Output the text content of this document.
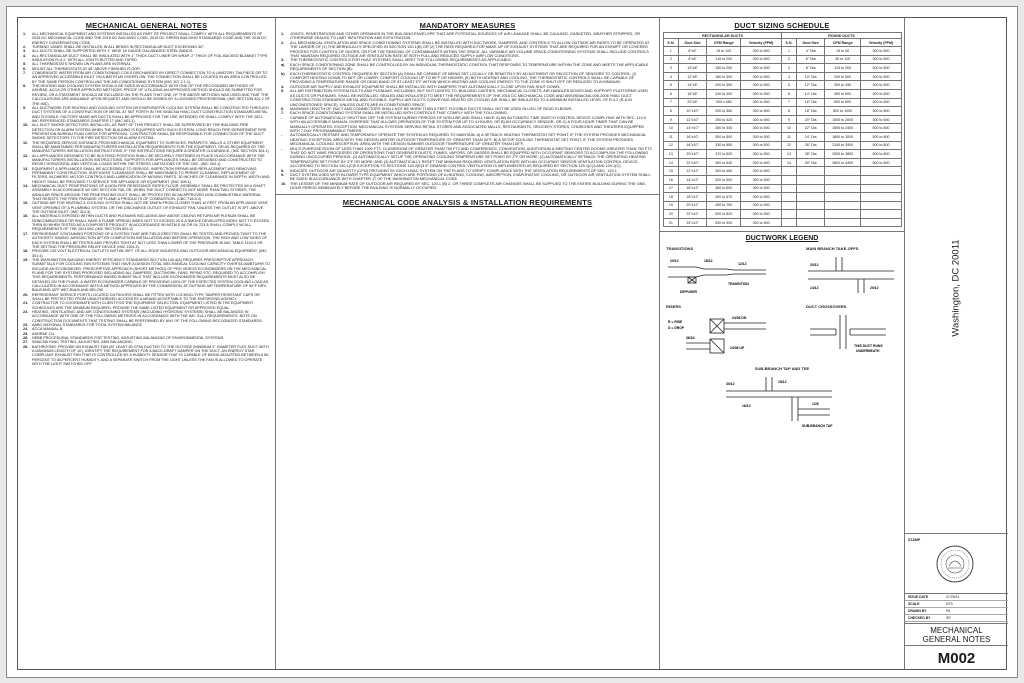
MECHANICAL GENERAL NOTES
1.	ALL MECHANICAL EQUIPMENT AND SYSTEMS INSTALLED AS PART OF PROJECT SHALL COMPLY WITH ALL REQUIREMENTS OF 2015 DC MECHANICAL CODE AND THE 2015 DC BUILDING CODE, 2015 DC GREEN BUILDING STANDARDS CODE AND THE 2015 DC ENERGY CONSERVATION CODE.
2.	TURNING VANES SHALL BE INSTALLED IN ALL BENDS IN RECTANGULAR DUCT EXCEEDING 30°.
3.	ALL DUCTS SHALL BE SUPPORTED WITH 1" WIDE 16 GAUGE GALVANIZED STEEL BANDS.
4.	ALL RECTANGULAR DUCT SHALL BE INSULATED WITH 1" THICK DUCT LINER OR WRAP, 2" THICK OF FOIL BACKED BLANKET TYPE INSULATION R=4.2. WITH ALL JOINTS BUTTED AND TAPED.
5.	ALL THERMOSTATS SHOWN ON PLANS ARE INTERNAL.
6.	MOUNT ALL THERMOSTATS AT 48" ABOVE FINISHED FLOOR.
7.	CONDENSATE WATER FROM AIR CONDITIONING COILS DISCHARGED BY DIRECT CONNECTION TO A LAVATORY TAILPIECE OR TO AN APPROVED ACCESSIBLE INLET ON A BATHTUB OVERFLOW. THE CONNECTION SHALL BE LOCATED IN AN AREA CONTROLLED BY THE SAME PERSON CONTROLLING THE AIR-CONDITIONING SYSTEM (IMC 307.2.1.1).
8.	THE HEATING AND COOLING SYSTEM SHOULD BE SIZED IN ACCORDANCE WITH ONE OF THE RECOGNIZED METHODS OF ASHRAE, ACCA OR OTHER APPROVED METHODS. PROOF OF UTILIZING AN APPROVED METHOD SHOULD BE SUBMITTED FOR REVIEW, OR A STATEMENT SHOULD BE INCLUDED ON THE PLANS THAT ONE OF THE ABOVE METHODS WAS USED AND THAT THE CALCULATIONS ARE AVAILABLE UPON REQUEST AND SHOULD BE SIGNED BY A LICENSED PROFESSIONAL (IMC SECTION 401.2 OF THE IMC).
9.	ALL DUCTWORK FOR HEATING AND COOLING SYSTEM OR EVAPORATIVE COOLING SYSTEM SHALL BE CONSTRUCTED THROUGH DUCT SYSTEMS OF A CONSTRUCTION OF METAL AT SET FORTH IN THE SMACNA HVAC DUCT CONSTRUCTION STANDARD-METAL AND FLEXIBLE. FACTORY MADE AIR DUCTS SHALL BE APPROVED FOR THE USE INTENDED OR SHALL COMPLY WITH THE 2021 IMC REFERENCED STANDARDS CHAPTER 17 (IMC 603.1).
10.	ALL DUCT SMOKE DETECTORS INSTALLED, AS PART OF THIS PROJECT SHALL BE SUPERVISED BY THE BUILDING FIRE DETECTION OR ALARM SYSTEM WHEN THE BUILDING IS EQUIPPED WITH SUCH SYSTEM. LONG REACH FIRE DEPARTMENT FIRE PREVENTION BUREAU PLAN CHECK FOR APPROVAL. CONTRACTOR SHALL BE RESPONSIBLE FOR CONNECTION OF THE DUCT SMOKE DETECTORS TO THE FIRE DETECTION OR ALARM SYSTEM.
11.	THE REQUIRED SERVICE DISTANCE FROM MECHANICAL EQUIPMENT TO SURFACES, PARAPETS, WALLS & OTHER EQUIPMENT SHALL BE MAINTAINED PER MANUFACTURERS INSTALLATION REQUIREMENTS FOR THE EQUIPMENT, OR AS REQUIRED BY THE MANUFACTURERS INSTALLATION INSTRUCTIONS, IF THE INSTRUCTIONS REQUIRE A GREATER CLEARANCE. (IMC SECTION 304.1)
12.	ALL APPLIANCES DESIGNED TO BE IN A FIXED POSITION SHALL BE SECURELY FASTENED IN PLACE IN ACCORDANCE WITH THE MANUFACTURERS INSTALLATION INSTRUCTIONS. SUPPORTS FOR APPLIANCES SHALL BE DESIGNED AND CONSTRUCTED TO RESIST HORIZONTAL AND VERTICAL LOADS WITHIN THE STRESS LIMITATIONS OF THE CBC. (IMC 304.1)
13.	EQUIPMENT & APPLIANCES SHALL BE ACCESSIBLE TO SERVICE, INSPECTION REPAIR AND REPLACEMENT W/O REMOVING PERMANENT CONSTRUCTION. SUFFICIENT CLEARANCE SHALL BE MAINTAINED TO PERMIT CLEANING, REPLACEMENT OF FILTERS, BLOWERS, MOTOR CONTROLS AND LUBRICATION OF MOVING PARTS. 30 INCHES OF CLEARANCE IN DEPTH, WIDTH AND HEIGHT SHALL BE PROVIDED TO SERVICE THE APPLIANCE OR EQUIPMENT. (IMC 306.1)
14.	MECHANICAL DUCT PENETRATIONS OF A NON-FIRE RESISTANCE RATED FLOOR, ASSEMBLY SHALL BE PROTECTED W/ A SHAFT ASSEMBLY IN ACCORDANCE W/ CBC SECTION 708, OR, WHEN THE DUCT CONNECTS NOT MORE THAN TWO STORIES, THE ANNULAR SPACE AROUND THE PENETRATING DUCT SHALL BE PROTECTED W/ AN APPROVED NON-COMBUSTIBLE MATERIAL THAT RESISTS THE FREE PASSAGE OF FLAME & PRODUCTS OF COMBUSTION. (CBC 716.5.3)
15.	OUTSIDE AIR FOR HEATING & COOLING SYSTEM SHALL NOT BE TAKEN FROM CLOSER THAN 10 FEET FROM AN APPLIANCE VENT, VENT OPENING OF A PLUMBING SYSTEM, OR THE DISCHARGE OUTLET OF EXHAUST FAN, UNLESS THE OUTLET IS 3FT. ABOVE THE OUTSIDE INLET. (IMC 314.3)
16.	ALL MATERIALS EXPOSED WITHIN DUCTS AND PLENUMS INCLUDING ANY ABOVE CEILING RETURN AIR PLENUM SHALL BE NONCOMBUSTIBLE OR SHALL HAVE A FLAME SPREAD INDEX NOT TO EXCEED 25 & A SMOKE DEVELOPED INDEX NOT TO EXCEED THEN 50 WHEN TESTED AS A COMPOSITE PRODUCT IN ACCORDANCE W/ ASTM E 84 OR UL 723 & SHALL COMPLY W/ ALL REQUIREMENTS OF THE 2021 IMC (IMC SECTION 602.2)
17.	REFRIGERANT CONTAINING PORTIONS OF A SYSTEM THAT ARE FIELD ERECTED SHALL BE TESTED AND PROVED TIGHT TO THE AUTHORITY HAVING JURISDICTION AFTER COMPLETION INSTALLATION AND BEFORE OPERATION. THE HIGH AND LOW SIDES OF EACH SYSTEM SHALL BE TESTED AND PROVED TIGHT AT NOT LESS THAN LOWER OF THE PRESSURE IN IMC TABLE 1104.3 OR THE SETTING THE PRESSURE RELIEF DEVICE (IMC 1104.3).
18.	PROVIDE 120 VOLT ELECTRICAL OUTLETS WITHIN 25FT. OF ALL ROOF MOUNTED AND OUTDOOR MECHANICAL EQUIPMENT. (IMC 301.4)
19.	THE WASHINGTON BUILDING ENERGY EFFICIENCY STANDARDS SECTION 140.4(A) REQUIRES PRESCRIPTIVE APPROACH SUBMITTALS FOR COOLING FAN SYSTEMS THAT HAVE A DESIGN TOTAL MECHANICAL COOLING CAPACITY OVER 54,000BTU/HR TO INCLUDE AN ECONOMIZER. PRESCRIPTIVE APPROACH (SHORT METHOD) OF PRO VIDEOS ECONOMIZERS ON THE MECHANICAL PLANS FOR THE SYSTEMS PROPOSED INCLUDING ALL DAMPERS, DUCTWORK, FANS, PIPING ETC. REQUIRED TO ACCOMPLISH THIS REQUIREMENTS. PERFORMANCE BASED SUBMITTALS THAT INCLUDE ECONOMIZER REQUIREMENTS MUST ALSO BE DETAILED ON THE PLANS. A WATER ECONOMIZER CAPABLE OF PROVIDING 100% OF THE EXPECTED SYSTEM COOLING LOAD AS CALCULATED IN ACCORDANCE WITH A METHOD APPROVED BY THE COMMISSION, AT OUTSIDE AIR TEMPERATURE OF 50°F DRY-BULB AND 45°F WET-BULB AND BELOW.
20.	REFRIGERANT SERVICE PORTS LOCATED OUTDOORS SHALL BE FITTED WITH LOCKING-TYPE TAMPER RESISTANT CAPS OR SHALL BE PROTECTED FROM UNAUTHORIZED ACCESS BY A MEANS ACCEPTABLE TO THE ENFORCING AGENCY.
21.	CONTRACTOR TO COORDINATE WITH CLIENT FOR THE EQUIPMENT SELECTION. EQUIPMENT LISTED IN THE EQUIPMENT SCHEDULES ARE THE MINIMUM REQUIRED. PROVIDE THE SAME LISTED EQUIPMENT OR APPROVED EQUAL.
22.	HEATING, VENTILATING, AND AIR CONDITIONING SYSTEMS (INCLUDING HYDRONIC SYSTEMS) SHALL BE BALANCED IN ACCORDANCE WITH ONE OF THE FOLLOWING METHODS IN ACCORDANCE WITH THE IMC 314.1 REQUIREMENTS. NOTE ON CONSTRUCTION DOCUMENTS THAT TESTING SHALL BE PERFORMED BY ANY OF THE FOLLOWING RECOGNIZED STANDARDS:
23.	AABC NATIONAL STANDARDS FOR TOTAL SYSTEM BALANCE
24.	ACCA MANUAL B.
25.	ASHRAE 111.
26.	NEBB PROCEDURAL STANDARDS FOR TESTING, ADJUSTING BALANCING OF ENVIRONMENTAL SYSTEMS.
27.	SMACNA HVAC TESTING, ADJUSTING, AND BALANCING.
28.	BATHROOMS: PROVIDE AN EXHAUST FAN (AT LEAST 50 CFM) DUCTED TO THE OUTSIDE (MINIMUM 4" DIAMETER FLEX DUCT WITH A MAXIMUM LENGTH OF 10'). IDENTIFY THE REQUIREMENT FOR A BACK-DRAFT DAMPER ON THE DUCT, AN ENERGY STAR COMPLIANT EXHAUST FAN THAT IS CONTROLLED BY A HUMIDITY SENSOR THAT IS CAPABLE OF BEING ADJUSTED BETWEEN A 50-PERCENT TO 80-PERCENT HUMIDITY, AND A SEPARATE SWITCH FROM THE LIGHT UNLESS THE FAN IS ALLOWED TO OPERATE WITH THE LIGHT SWITCHED OFF.
MANDATORY MEASURES
1.	JOINTS, PENETRATIONS AND OTHER OPENINGS IN THE BUILDING ENVELOPE THAT ARE POTENTIAL SOURCES OF AIR LEAKAGE SHALL BE CAULKED, GASKETED, WEATHER STRIPPED, OR OTHERWISE SEALED TO LIMIT INFILTRATION AND EXFILTRATION.
2.	ALL MECHANICAL VENTILATION AND SPACE-CONDITIONING SYSTEMS SHALL BE INSTALLED WITH DUCTWORK, DAMPERS, AND CONTROLS TO ALLOW OUTSIDE AIR RATES TO BE OPERATED AT THE LARGER OF (1) THE BERNOULLI'S SPECIFIED IN SECTION 120.1(B) OR (2) THE RATE REQUIRED FOR MAKE UP OF EXHAUST SYSTEMS THAT ARE REQUIRED FOR AN EXEMPT OR COVERED PROCESS FOR CONTROL OF ODORS, OR FOR THE REMOVAL OF CONTAMINANTS WITHIN THE SPACE. ALL VARIABLE AIR VOLUME SPACE-CONDITIONING SYSTEMS SHALL INCLUDE CONTROLS THAT MAINTAIN REQUIRED OUTSIDE AIR VENTILATION RATE AT BOTH FULL AND REDUCED SUPPLY AIRFLOW CONDITIONS.
3.	THE THERMOSTATIC CONTROLS FOR HVAC SYSTEMS SHALL MEET THE FOLLOWING REQUIREMENTS AS APPLICABLE:
a)	EACH SPACE CONDITIONING ZONE SHALL BE CONTROLLED BY AN INDIVIDUAL THERMOSTATIC CONTROL THAT RESPONDS TO TEMPERATURE WITHIN THE ZONE AND MEETS THE APPLICABLE REQUIREMENTS OF SECTION (B):
b)	EACH THERMOSTATIC CONTROL REQUIRED BY SECTION (A) SHALL BE CAPABLE OF BEING SET LOCALLY OR REMOTELY BY ADJUSTMENT OR SELECTION OF SENSORS TO CONTROL: (I) COMFORT HEATING DOWN TO 55°F OR LOWER; COMFORT COOLING UP TO 85°F OR HIGHER; (II) BOTH HEATING AND COOLING, THE THERMOSTATIC CONTROLS SHALL BE CAPABLE OF PROVIDING A TEMPERATURE RANGE OR DEAD BAND OF AT LEAST 5°F WITHIN WHICH HEATING AND COOLING ENERGY TO THE ZONE IS SHUT OFF OR REDUCED TO A MINIMUM.
4.	OUTDOOR AIR SUPPLY AND EXHAUST EQUIPMENT SHALL BE INSTALLED WITH DAMPERS THAT AUTOMATICALLY CLOSE UPON FAN SHUT DOWN.
5.	ALL AIR DISTRIBUTION SYSTEM DUCTS AND PLENUMS, INCLUDING, BUT NOT LIMITED TO, BUILDING CAVITIES, MECHANICAL CLOSETS, AIR-HANDLER BOXES AND SUPPORT PLATFORMS USED AS DUCTS OR PLENUMS, SHALL BE INSTALLED, SEALED AND INSULATED TO MEET THE REQUIREMENTS OF THE 2015 DC MECHANICAL CODE AND ANSI/SMACNA-006-2006 HVAC DUCT CONSTRUCTION STANDARDS METAL AND FLEXIBLE. SUPPLY-AIR DUCTS CONVEYING HEATED OR COOLED AIR SHALL BE INSULATED TO A MINIMUM INSTALLED LEVEL OF R-4.2 (R-8 IN UNCONDITIONED SPACE). UNLESS DUCTS ARE IN CONDITIONED SPACE.
6.	MAXIMUM LENGTH OF DUCT AND CONNECTORS SHALL NOT BE MORE THAN 5 FEET. FLEXIBLE DUCTS SHALL NOT BE USED IN LIEU OF RIGID ELBOWS.
7.	EACH SPACE-CONDITIONING SYSTEM SHALL BE INSTALLED WITH CONTROLS THAT COMPLY WITH THE FOLLOWING:
-	CAPABLE OF AUTOMATICALLY SHUTTING OFF THE SYSTEM DURING PERIODS OF NON-USE AND SHALL HAVE: A) AN AUTOMATIC TIME SWITCH CONTROL DEVICE COMPLYING WITH SEC. 110.9 WITH AN ACCESSIBLE MANUAL OVERRIDE THAT ALLOWS OPERATION OF THE SYSTEM FOR UP TO 4 HOURS; OR B) AN OCCUPANCY SENSOR; OR C) A FOUR-HOUR TIMER THAT CAN BE MANUALLY OPERATED. EXCEPTION: MECHANICAL SYSTEMS SERVING RETAIL STORES AND ASSOCIATED MALLS, RESTAURANTS, GROCERY STORES, CHURCHES AND THEATERS EQUIPPED WITH 7-DAY PROGRAMMABLE TIMERS.
-	AUTOMATICALLY RESTART AND TEMPORARILY OPERATE THE SYSTEM AS REQUIRED TO MAINTAIN: A) A SETBACK HEATING THERMOSTAT SET POINT, IF THE SYSTEM PROVIDES MECHANICAL HEATING; EXCEPTION: AREA WITH THE DESIGN WINTER OUTDOOR TEMPERATURE OF GREATER THAN 32°F. B) A SETUP COOLING THERMOSTAT SET POINT, IF THE SYSTEM PROVIDES MECHANICAL COOLING. EXCEPTION: AREA WITH THE DESIGN SUMMER OUTDOOR TEMPERATURE OF GREATER THAN 100°F.
-	MULTI-PURPOSE ROOM OF LESS THAN 1000 FT2, CLASSROOM OF GREATER THAN 750 FT2 AND CONFERENCE, CONVENTION, AUDITORIUM & MEETING CENTER ROOMS GREATER THAN 750 FT2 THAT DO NOT HAVE PROCESSES OR OPERATIONS THAT GENERATE DUSTS, FUMES, VAPORS, OR GASSES SHALL BE EQUIPPED WITH OCCUPANT SENSORS TO ACCOMPLISH THE FOLLOWING DURING UNOCCUPIED PERIODS: (1) AUTOMATICALLY SETUP THE OPERATING COOLING TEMPERATURE SET POINT BY 2°F OR MORE; (2) AUTOMATICALLY SETBACK THE OPERATING HEATING TEMPERATURE SET POINT BY 2°F OR MORE; AND (3) AUTOMATICALLY RESET THE MINIMUM REQUIRED VENTILATION RATE WITH AN OCCUPANT SENSOR VENTILATION CONTROL DEVICE ACCORDING TO SECTION 120.1(C)5 EXCEPTION TO SECTIONS 120.2(E)3 IF DEMAND CONTROL VENTILATION IS IMPLEMENTED AS REQUIRED BY SECTION 120.1(C)3 AND 120.1(C).
8.	INDICATE OUTDOOR AIR QUANTITY (CFM) PROVIDED BY EACH HVAC SYSTEM ON THE PLANS TO VERIFY COMPLIANCE WITH THE VENTILATION REQUIREMENTS OF SEC. 120.1.
9.	DUCT SYSTEM USED WITH BLOWER TYPE EQUIPMENT WHICH ARE PORTIONS OF A HEATING, COOLING, ABSORPTION, EVAPORATIVE COOLING, OR OUTDOOR AIR VENTILATION SYSTEM SHALL BE SIZED IN ACCORDANCE WITH CHAPTER 17 OF THE WASHINGTON MECHANICAL CODE.
10. THE LESSER OF THE MINIMUM RATE OF OUTDOOR AIR REQUIRED BY SEC. 120.1 (B) 2, OR THREE COMPLETE AIR CHANGES SHALL BE SUPPLIED TO THE ENTIRE BUILDING DURING THE ONE-HOUR PERIOD IMMEDIATELY BEFORE THE BUILDING IS NORMALLY OCCUPIED.
MECHANICAL CODE ANALYSIS & INSTALLATION REQUIREMENTS
DUCT SIZING SCHEDULE
RECTANGULAR DUCTS				ROUND DUCTS			
S.N.	Duct Size	CFM Range	Velocity (FPM)	S.N.	Duct Size	CFM Range	Velocity (FPM)
1	6"x6"	15 to 100	300 to 500	1	4" Dia	15 to 50	300 to 500
2	8"x8"	115 to 200	300 to 500	2	6" Dia	50 to 115	300 to 500
3	10"x8"	150 to 250	300 to 500	3	8" Dia	115 to 300	300 to 500
4	12"x8"	180 to 300	300 to 500	4	10" Dia	200 to 500	300 to 500
5	14"x8"	200 to 350	300 to 500	5	12" Dia	300 to 450	300 to 500
6	16"x8"	240 to 400	300 to 500	6	14" Dia	450 to 600	300 to 500
7	20"x8"	300 x 480	300 to 500	7	16" Dia	600 to 800	300 to 500
8	10"x10"	200 to 360	300 to 500	8	18" Dia	800 to 1000	300 to 500
9	12"x10"	250 to 420	300 to 500	9	20" Dia	1000 to 2000	300 to 500
10	14"x10"	260 to 440	300 to 500	10	22" Dia	1500 to 2400	500 to 800
11	16"x10"	300 to 500	300 to 500	11	24" Dia	1800 to 3000	500 to 800
12	18"x10"	330 to 550	300 to 500	12	26" Dia	2100 to 3400	500 to 800
13	20"x10"	370 to 620	300 to 500	13	28" Dia	2500 to 3800	500 to 800
14	22"x10"	400 to 640	300 to 500	14	30" Dia	2800 to 4400	500 to 800
15	12"x12"	300 to 480	300 to 500				
16	14"x12"	300 to 500	300 to 500				
17	16"x12"	360 to 600	300 to 500				
18	18"x12"	400 to 670	300 to 500				
19	20"x12"	450 to 750	300 to 500				
20	22"x12"	500 to 820	300 to 500				
21	24"x12"	530 to 900	300 to 500				
DUCTWORK LEGEND
TRANSITIONS
20/12	18/12
12/12
DIFFUSER
TRANSITION
MAIN BRANCH TAKE-OFFS
20/12
14/12	20/12
RISERS
24/36 DN
R = RISE
D = DROP
36/24
24/36 UP
DUCT CROSSOVERS
THIS DUCT RUNS
UNDERNEATH
SUB-BRANCH TAP AND TEE
30/12	18/12
12/8
16/12
SUB-BRANCH TAP
Washington, DC 20011
STAMP
ISSUE DATE	07/29/24
SCALE	NTS
DRAWN BY	PA
CHECKED BY	SR
MECHANICAL
GENERAL NOTES
M002
